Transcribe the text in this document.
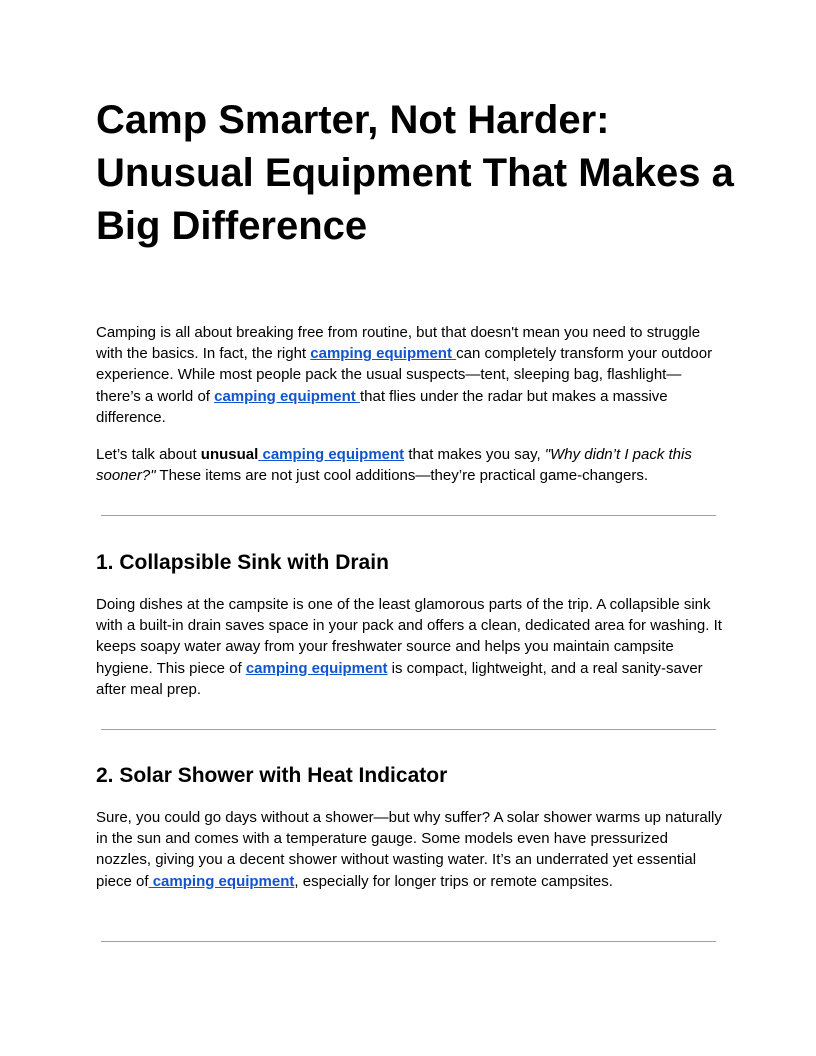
Camp Smarter, Not Harder: Unusual Equipment That Makes a Big Difference

Camping is all about breaking free from routine, but that doesn't mean you need to struggle with the basics. In fact, the right camping equipment can completely transform your outdoor experience. While most people pack the usual suspects—tent, sleeping bag, flashlight—there’s a world of camping equipment that flies under the radar but makes a massive difference.

Let’s talk about unusual camping equipment that makes you say, "Why didn’t I pack this sooner?" These items are not just cool additions—they’re practical game-changers.

1. Collapsible Sink with Drain

Doing dishes at the campsite is one of the least glamorous parts of the trip. A collapsible sink with a built-in drain saves space in your pack and offers a clean, dedicated area for washing. It keeps soapy water away from your freshwater source and helps you maintain campsite hygiene. This piece of camping equipment is compact, lightweight, and a real sanity-saver after meal prep.

2. Solar Shower with Heat Indicator

Sure, you could go days without a shower—but why suffer? A solar shower warms up naturally in the sun and comes with a temperature gauge. Some models even have pressurized nozzles, giving you a decent shower without wasting water. It’s an underrated yet essential piece of camping equipment, especially for longer trips or remote campsites.
